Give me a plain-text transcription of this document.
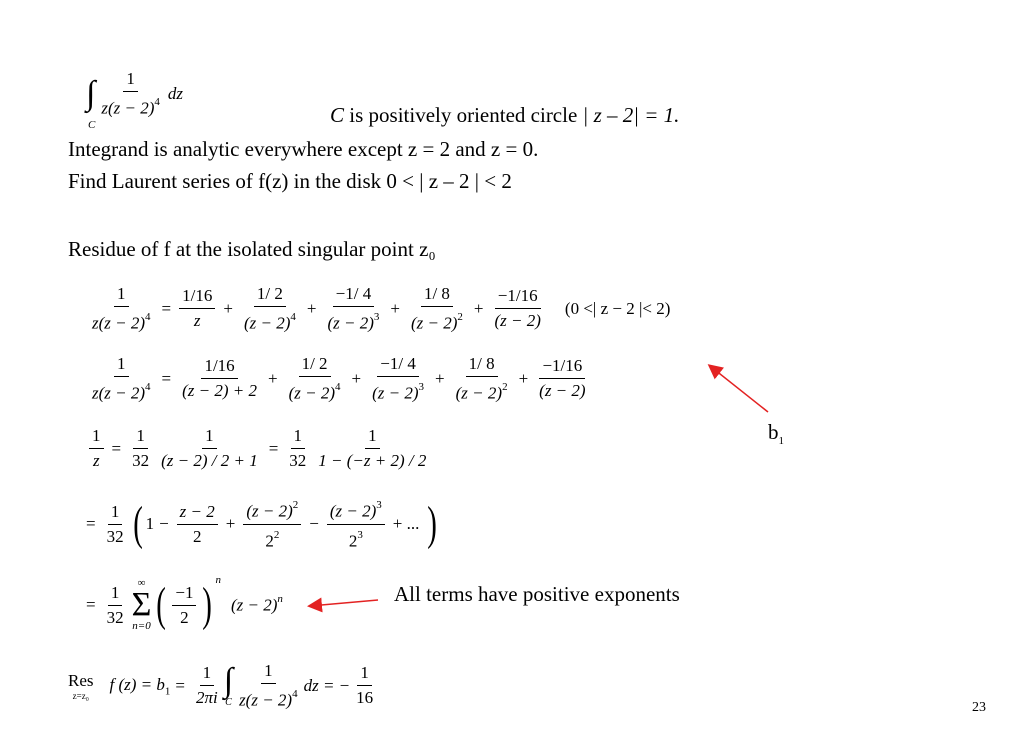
∫ $\frac{1}{z(z - 2)^4}$ dz
C	C is positively oriented circle | z – 2| = 1.
Integrand is analytic everywhere except z = 2 and z = 0.
Find Laurent series of f(z) in the disk 0 < | z – 2 | < 2
Residue of f at the isolated singular point z₀
$\frac{1}{z(z - 2)^4} = \frac{1/16}{z} + \frac{1/ 2}{(z - 2)^4} + \frac{-1/ 4}{(z - 2)^3} + \frac{1/ 8}{(z - 2)^2} + \frac{-1/16}{(z - 2)} (0$ <| z − 2 |< 2)
$\frac{1}{z(z - 2)^4} = \frac{1/16}{(z - 2) + 2} + \frac{1/ 2}{(z - 2)^4} + \frac{-1/ 4}{(z - 2)^3} + \frac{1/ 8}{(z - 2)^2} + \frac{-1/16}{(z - 2)}$
$b_1$
$\frac{1}{z} = \frac{1}{32} \frac{1}{(z - 2) / 2 + 1} = \frac{1}{32} \frac{1}{1 - (-z + 2) / 2}$
= $\frac{1}{32}$ ( $1 - \frac{z - 2}{2} + \frac{(z - 2)^2}{2^2} - \frac{(z - 2)^3}{2^3}$ + ... )
= $\frac{1}{32}$ ∞
Σ
n=0 ( $\frac{-1}{2}$ ) n
$(z - 2)^n$	All terms have positive exponents
Res
z=z₀
f $(z) = b_1 = \frac{1}{2\pi i}$ ∫
C $\frac{1}{z(z - 2)^4}$ dz = − $\frac{1}{16}$	23
